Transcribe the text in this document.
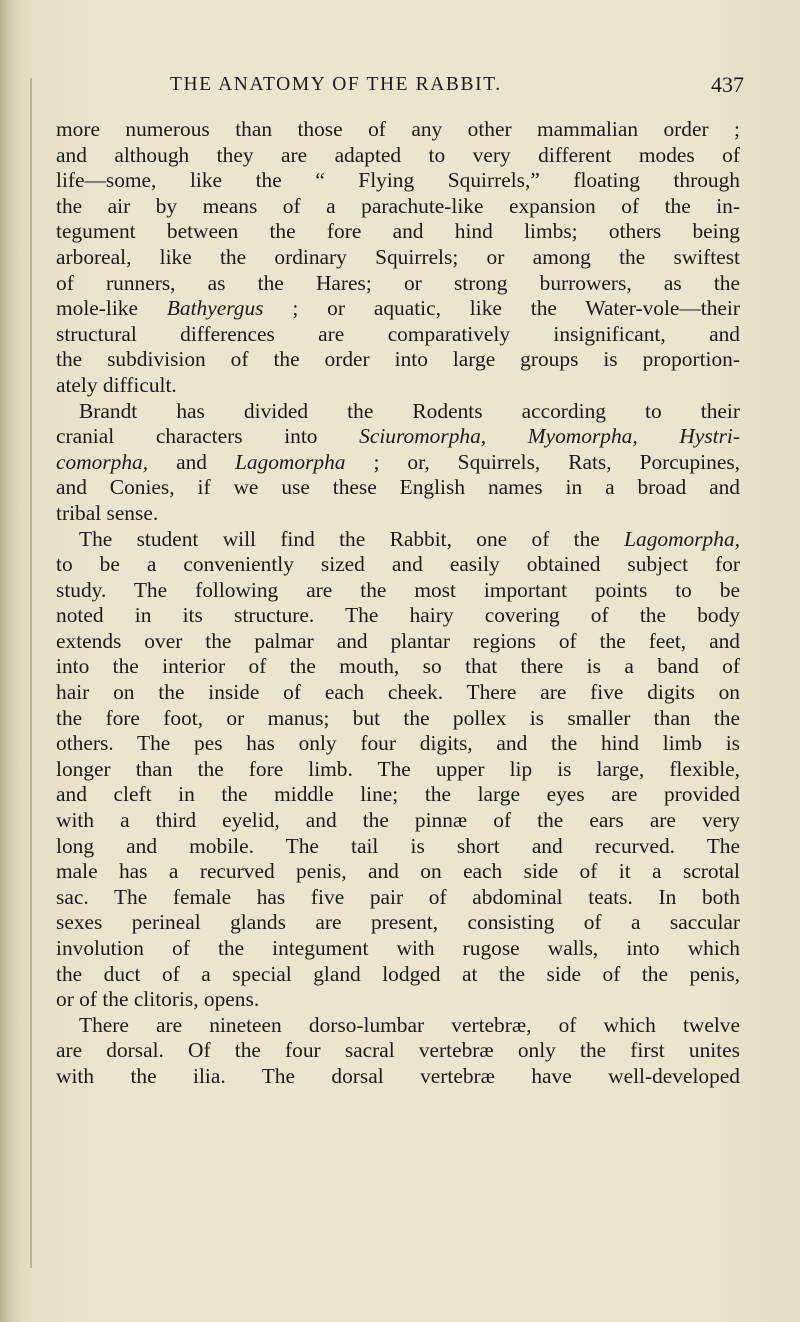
THE ANATOMY OF THE RABBIT.	437
more numerous than those of any other mammalian order ;
and although they are adapted to very different modes of
life—some, like the “ Flying Squirrels,” floating through
the air by means of a parachute-like expansion of the in-
tegument between the fore and hind limbs; others being
arboreal, like the ordinary Squirrels; or among the swiftest
of runners, as the Hares; or strong burrowers, as the
mole-like Bathyergus ; or aquatic, like the Water-vole—their
structural differences are comparatively insignificant, and
the subdivision of the order into large groups is proportion-
ately difficult.
Brandt has divided the Rodents according to their
cranial characters into Sciuromorpha, Myomorpha, Hystri-
comorpha, and Lagomorpha ; or, Squirrels, Rats, Porcupines,
and Conies, if we use these English names in a broad and
tribal sense.
The student will find the Rabbit, one of the Lagomorpha,
to be a conveniently sized and easily obtained subject for
study. The following are the most important points to be
noted in its structure. The hairy covering of the body
extends over the palmar and plantar regions of the feet, and
into the interior of the mouth, so that there is a band of
hair on the inside of each cheek. There are five digits on
the fore foot, or manus; but the pollex is smaller than the
others. The pes has only four digits, and the hind limb is
longer than the fore limb. The upper lip is large, flexible,
and cleft in the middle line; the large eyes are provided
with a third eyelid, and the pinnæ of the ears are very
long and mobile. The tail is short and recurved. The
male has a recurved penis, and on each side of it a scrotal
sac. The female has five pair of abdominal teats. In both
sexes perineal glands are present, consisting of a saccular
involution of the integument with rugose walls, into which
the duct of a special gland lodged at the side of the penis,
or of the clitoris, opens.
There are nineteen dorso-lumbar vertebræ, of which twelve
are dorsal. Of the four sacral vertebræ only the first unites
with the ilia. The dorsal vertebræ have well-developed
